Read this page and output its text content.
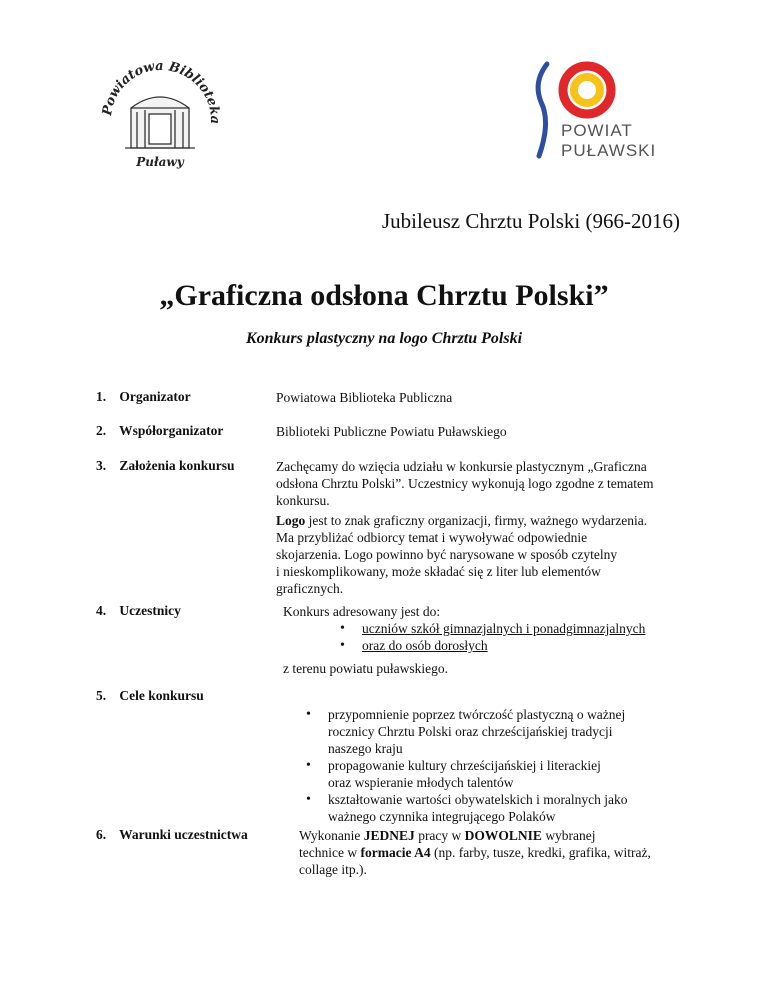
Powiatowa Biblioteka
Puławy
POWIAT
PUŁAWSKI
Jubileusz Chrztu Polski (966-2016)
„Graficzna odsłona Chrztu Polski”
Konkurs plastyczny na logo Chrztu Polski
1. Organizator	Powiatowa Biblioteka Publiczna
2. Współorganizator	Biblioteki Publiczne Powiatu Puławskiego
3. Założenia konkursu	Zachęcamy do wzięcia udziału w konkursie plastycznym „Graficzna
odsłona Chrztu Polski”. Uczestnicy wykonują logo zgodne z tematem
konkursu.
Logo jest to znak graficzny organizacji, firmy, ważnego wydarzenia.
Ma przybliżać odbiorcy temat i wywoływać odpowiednie
skojarzenia. Logo powinno być narysowane w sposób czytelny
i nieskomplikowany, może składać się z liter lub elementów
graficznych.
4. Uczestnicy	Konkurs adresowany jest do:
• uczniów szkół gimnazjalnych i ponadgimnazjalnych
• oraz do osób dorosłych
z terenu powiatu puławskiego.
5. Cele konkursu
• przypomnienie poprzez twórczość plastyczną o ważnej
rocznicy Chrztu Polski oraz chrześcijańskiej tradycji
naszego kraju
• propagowanie kultury chrześcijańskiej i literackiej
oraz wspieranie młodych talentów
• kształtowanie wartości obywatelskich i moralnych jako
ważnego czynnika integrującego Polaków
6. Warunki uczestnictwa	Wykonanie JEDNEJ pracy w DOWOLNIE wybranej
technice w formacie A4 (np. farby, tusze, kredki, grafika, witraż,
collage itp.).
